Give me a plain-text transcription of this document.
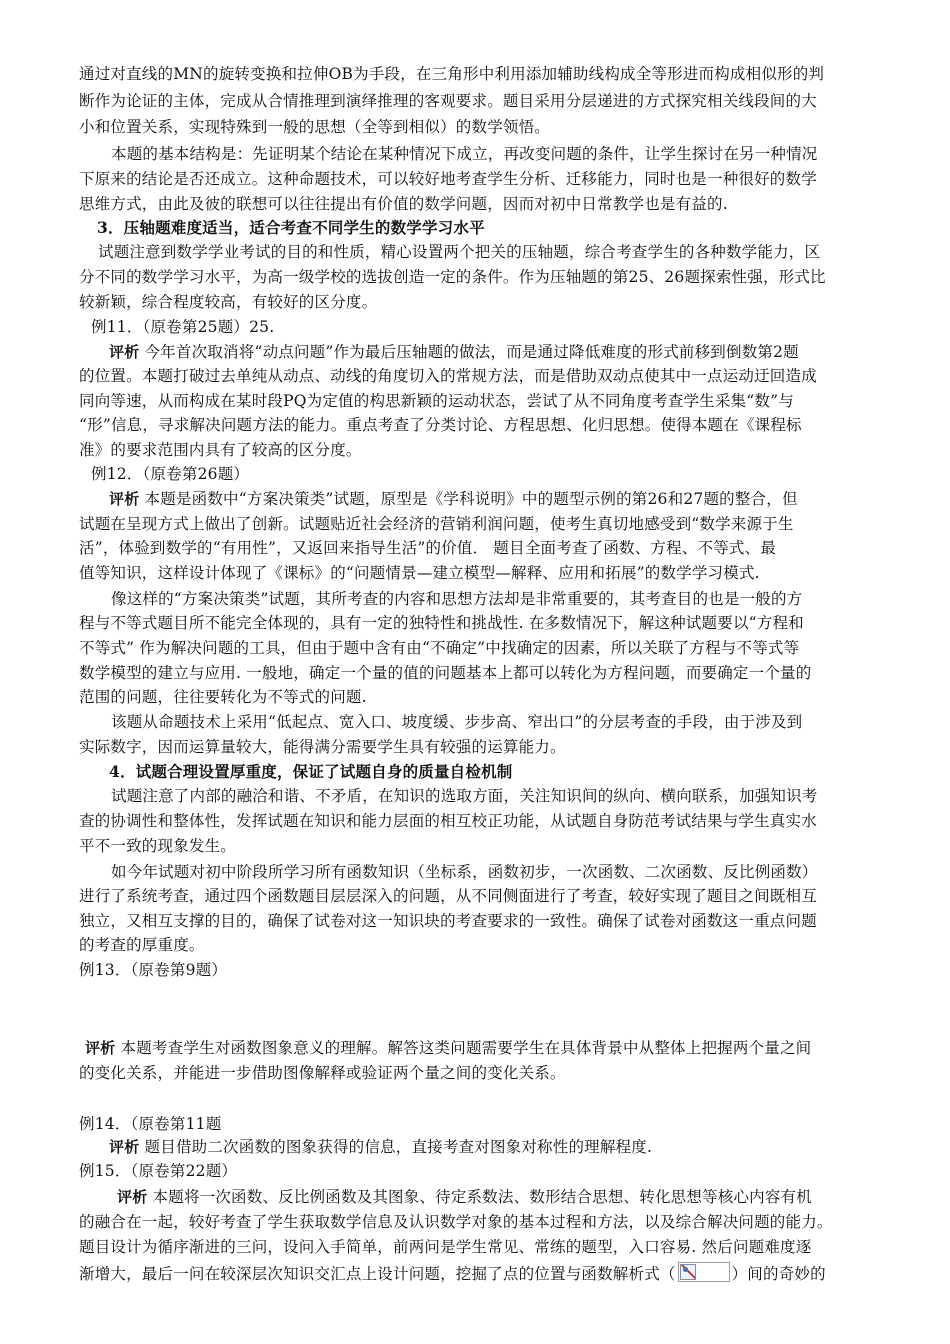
通过对直线的MN的旋转变换和拉伸OB为手段，在三角形中利用添加辅助线构成全等形进而构成相似形的判
断作为论证的主体，完成从合情推理到演绎推理的客观要求。题目采用分层递进的方式探究相关线段间的大
小和位置关系，实现特殊到一般的思想（全等到相似）的数学领悟。
本题的基本结构是：先证明某个结论在某种情况下成立，再改变问题的条件，让学生探讨在另一种情况
下原来的结论是否还成立。这种命题技术，可以较好地考查学生分析、迁移能力，同时也是一种很好的数学
思维方式，由此及彼的联想可以往往提出有价值的数学问题，因而对初中日常教学也是有益的.
3．压轴题难度适当，适合考查不同学生的数学学习水平
试题注意到数学学业考试的目的和性质，精心设置两个把关的压轴题，综合考查学生的各种数学能力，区
分不同的数学学习水平，为高一级学校的选拔创造一定的条件。作为压轴题的第25、26题探索性强，形式比
较新颖，综合程度较高，有较好的区分度。
例11．（原卷第25题）25.
评析 今年首次取消将“动点问题”作为最后压轴题的做法，而是通过降低难度的形式前移到倒数第2题
的位置。本题打破过去单纯从动点、动线的角度切入的常规方法，而是借助双动点使其中一点运动迂回造成
同向等速，从而构成在某时段PQ为定值的构思新颖的运动状态，尝试了从不同角度考查学生采集“数”与
“形”信息，寻求解决问题方法的能力。重点考查了分类讨论、方程思想、化归思想。使得本题在《课程标
准》的要求范围内具有了较高的区分度。
例12．（原卷第26题）
评析 本题是函数中“方案决策类”试题，原型是《学科说明》中的题型示例的第26和27题的整合，但
试题在呈现方式上做出了创新。试题贴近社会经济的营销利润问题，使考生真切地感受到“数学来源于生
活”，体验到数学的“有用性”，又返回来指导生活”的价值． 题目全面考查了函数、方程、不等式、最
值等知识，这样设计体现了《课标》的“问题情景—建立模型—解释、应用和拓展”的数学学习模式.
像这样的“方案决策类”试题，其所考查的内容和思想方法却是非常重要的，其考查目的也是一般的方
程与不等式题目所不能完全体现的，具有一定的独特性和挑战性. 在多数情况下，解这种试题要以“方程和
不等式” 作为解决问题的工具，但由于题中含有由“不确定”中找确定的因素，所以关联了方程与不等式等
数学模型的建立与应用. 一般地，确定一个量的值的问题基本上都可以转化为方程问题，而要确定一个量的
范围的问题，往往要转化为不等式的问题.
该题从命题技术上采用“低起点、宽入口、坡度缓、步步高、窄出口”的分层考查的手段，由于涉及到
实际数字，因而运算量较大，能得满分需要学生具有较强的运算能力。
4．试题合理设置厚重度，保证了试题自身的质量自检机制
试题注意了内部的融洽和谐、不矛盾，在知识的选取方面，关注知识间的纵向、横向联系，加强知识考
查的协调性和整体性，发挥试题在知识和能力层面的相互校正功能，从试题自身防范考试结果与学生真实水
平不一致的现象发生。
如今年试题对初中阶段所学习所有函数知识（坐标系，函数初步，一次函数、二次函数、反比例函数）
进行了系统考查，通过四个函数题目层层深入的问题，从不同侧面进行了考查，较好实现了题目之间既相互
独立，又相互支撑的目的，确保了试卷对这一知识块的考查要求的一致性。确保了试卷对函数这一重点问题
的考查的厚重度。
例13．（原卷第9题）
评析 本题考查学生对函数图象意义的理解。解答这类问题需要学生在具体背景中从整体上把握两个量之间
的变化关系，并能进一步借助图像解释或验证两个量之间的变化关系。
例14．（原卷第11题
评析 题目借助二次函数的图象获得的信息，直接考查对图象对称性的理解程度.
例15．（原卷第22题）
评析 本题将一次函数、反比例函数及其图象、待定系数法、数形结合思想、转化思想等核心内容有机
的融合在一起，较好考查了学生获取数学信息及认识数学对象的基本过程和方法，以及综合解决问题的能力。
题目设计为循序渐进的三问，设问入手简单，前两问是学生常见、常练的题型，入口容易. 然后问题难度逐
渐增大，最后一问在较深层次知识交汇点上设计问题，挖掘了点的位置与函数解析式（	）间的奇妙的
